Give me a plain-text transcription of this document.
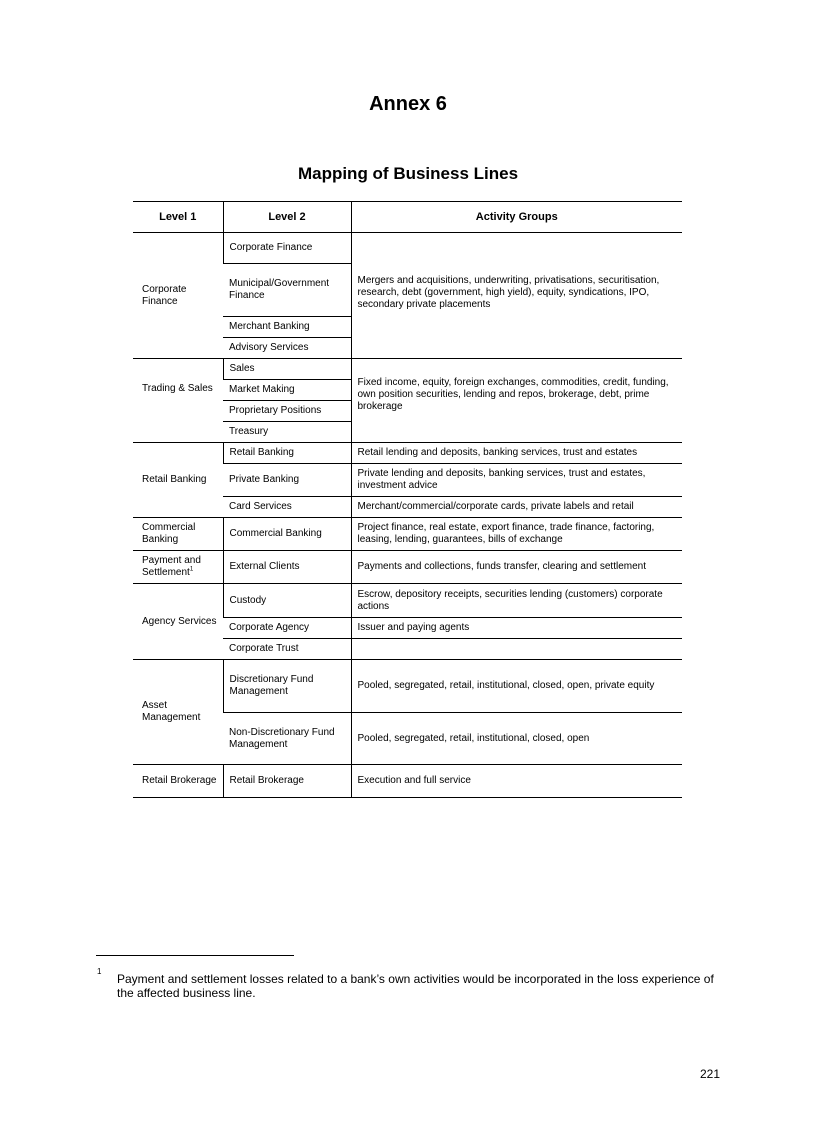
Annex 6
Mapping of Business Lines
Level 1	Level 2	Activity Groups
Corporate Finance	Corporate Finance	Mergers and acquisitions, underwriting, privatisations, securitisation, research, debt (government, high yield), equity, syndications, IPO, secondary private placements
	Municipal/Government Finance	
	Merchant Banking	
	Advisory Services	
Trading & Sales	Sales	Fixed income, equity, foreign exchanges, commodities, credit, funding, own position securities, lending and repos, brokerage, debt, prime brokerage
	Market Making	
	Proprietary Positions	
	Treasury	
Retail Banking	Retail Banking	Retail lending and deposits, banking services, trust and estates
	Private Banking	Private lending and deposits, banking services, trust and estates, investment advice
	Card Services	Merchant/commercial/corporate cards, private labels and retail
Commercial Banking	Commercial Banking	Project finance, real estate, export finance, trade finance, factoring, leasing, lending, guarantees, bills of exchange
Payment and Settlement$^1$	External Clients	Payments and collections, funds transfer, clearing and settlement
Agency Services	Custody	Escrow, depository receipts, securities lending (customers) corporate actions
	Corporate Agency	Issuer and paying agents
	Corporate Trust	
Asset Management	Discretionary Fund Management	Pooled, segregated, retail, institutional, closed, open, private equity
	Non-Discretionary Fund Management	Pooled, segregated, retail, institutional, closed, open
Retail Brokerage	Retail Brokerage	Execution and full service
1
Payment and settlement losses related to a bank’s own activities would be incorporated in the loss experience of the affected business line.
221
